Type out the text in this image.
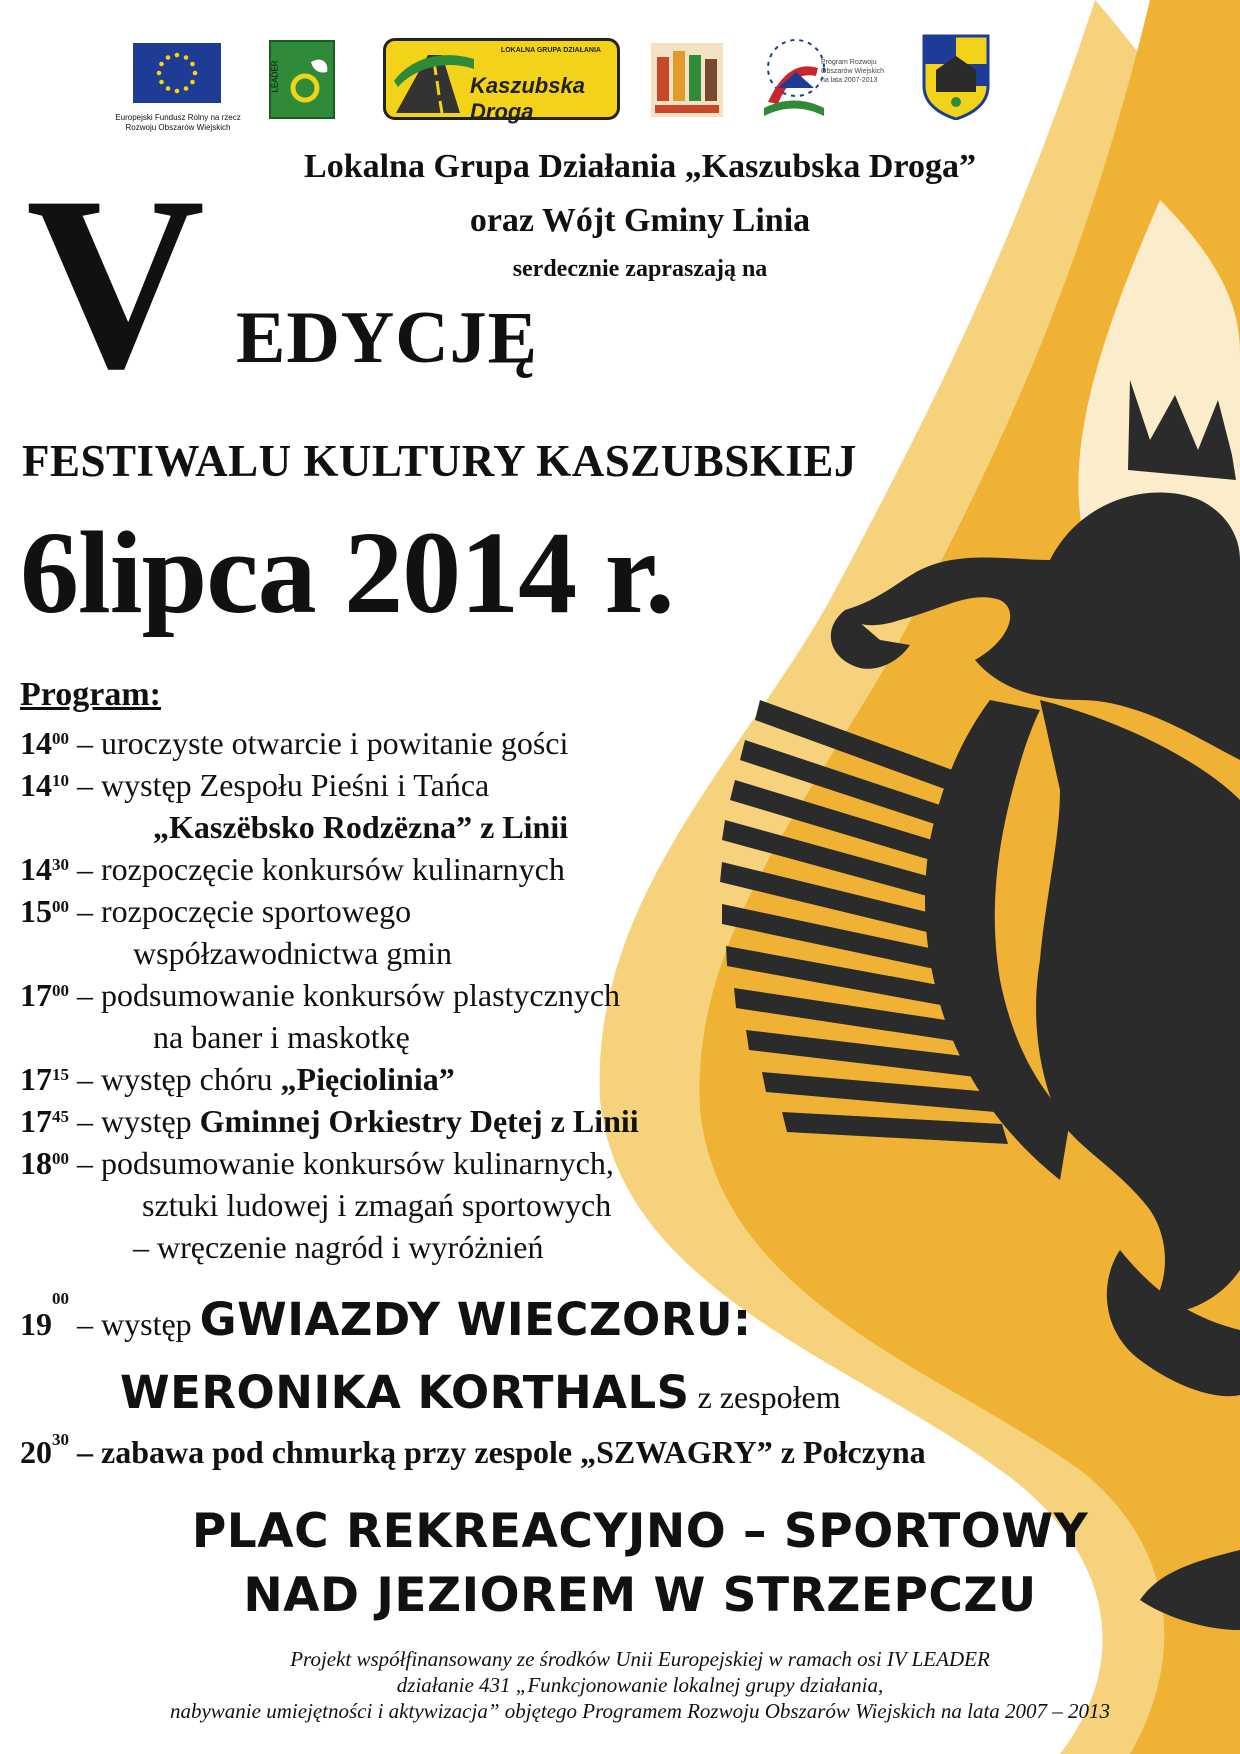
Europejski Fundusz Rolny na rzecz Rozwoju Obszarów Wiejskich
LEADER
LOKALNA GRUPA DZIAŁANIA
Kaszubska Droga
Program Rozwoju Obszarów Wiejskich na lata 2007-2013
Lokalna Grupa Działania „Kaszubska Droga”
oraz Wójt Gminy Linia
serdecznie zapraszają na
V EDYCJĘ
FESTIWALU KULTURY KASZUBSKIEJ
6lipca 2014 r.
Program:
$14^{00}$ – uroczyste otwarcie i powitanie gości
$14^{10}$ – występ Zespołu Pieśni i Tańca
„Kaszëbsko Rodzëzna” z Linii
$14^{30}$ – rozpoczęcie konkursów kulinarnych
$15^{00}$ – rozpoczęcie sportowego
współzawodnictwa gmin
$17^{00}$ – podsumowanie konkursów plastycznych
na baner i maskotkę
$17^{15}$ – występ chóru „Pięciolinia”
$17^{45}$ – występ Gminnej Orkiestry Dętej z Linii
$18^{00}$ – podsumowanie konkursów kulinarnych,
sztuki ludowej i zmagań sportowych
– wręczenie nagród i wyróżnień
$19^{00}$ – występ GWIAZDY WIECZORU:
WERONIKA KORTHALS z zespołem
$20^{30}$ – zabawa pod chmurką przy zespole „SZWAGRY” z Połczyna
PLAC REKREACYJNO – SPORTOWY
NAD JEZIOREM W STRZEPCZU
Projekt współfinansowany ze środków Unii Europejskiej w ramach osi IV LEADER
działanie 431 „Funkcjonowanie lokalnej grupy działania,
nabywanie umiejętności i aktywizacja” objętego Programem Rozwoju Obszarów Wiejskich na lata 2007 – 2013
